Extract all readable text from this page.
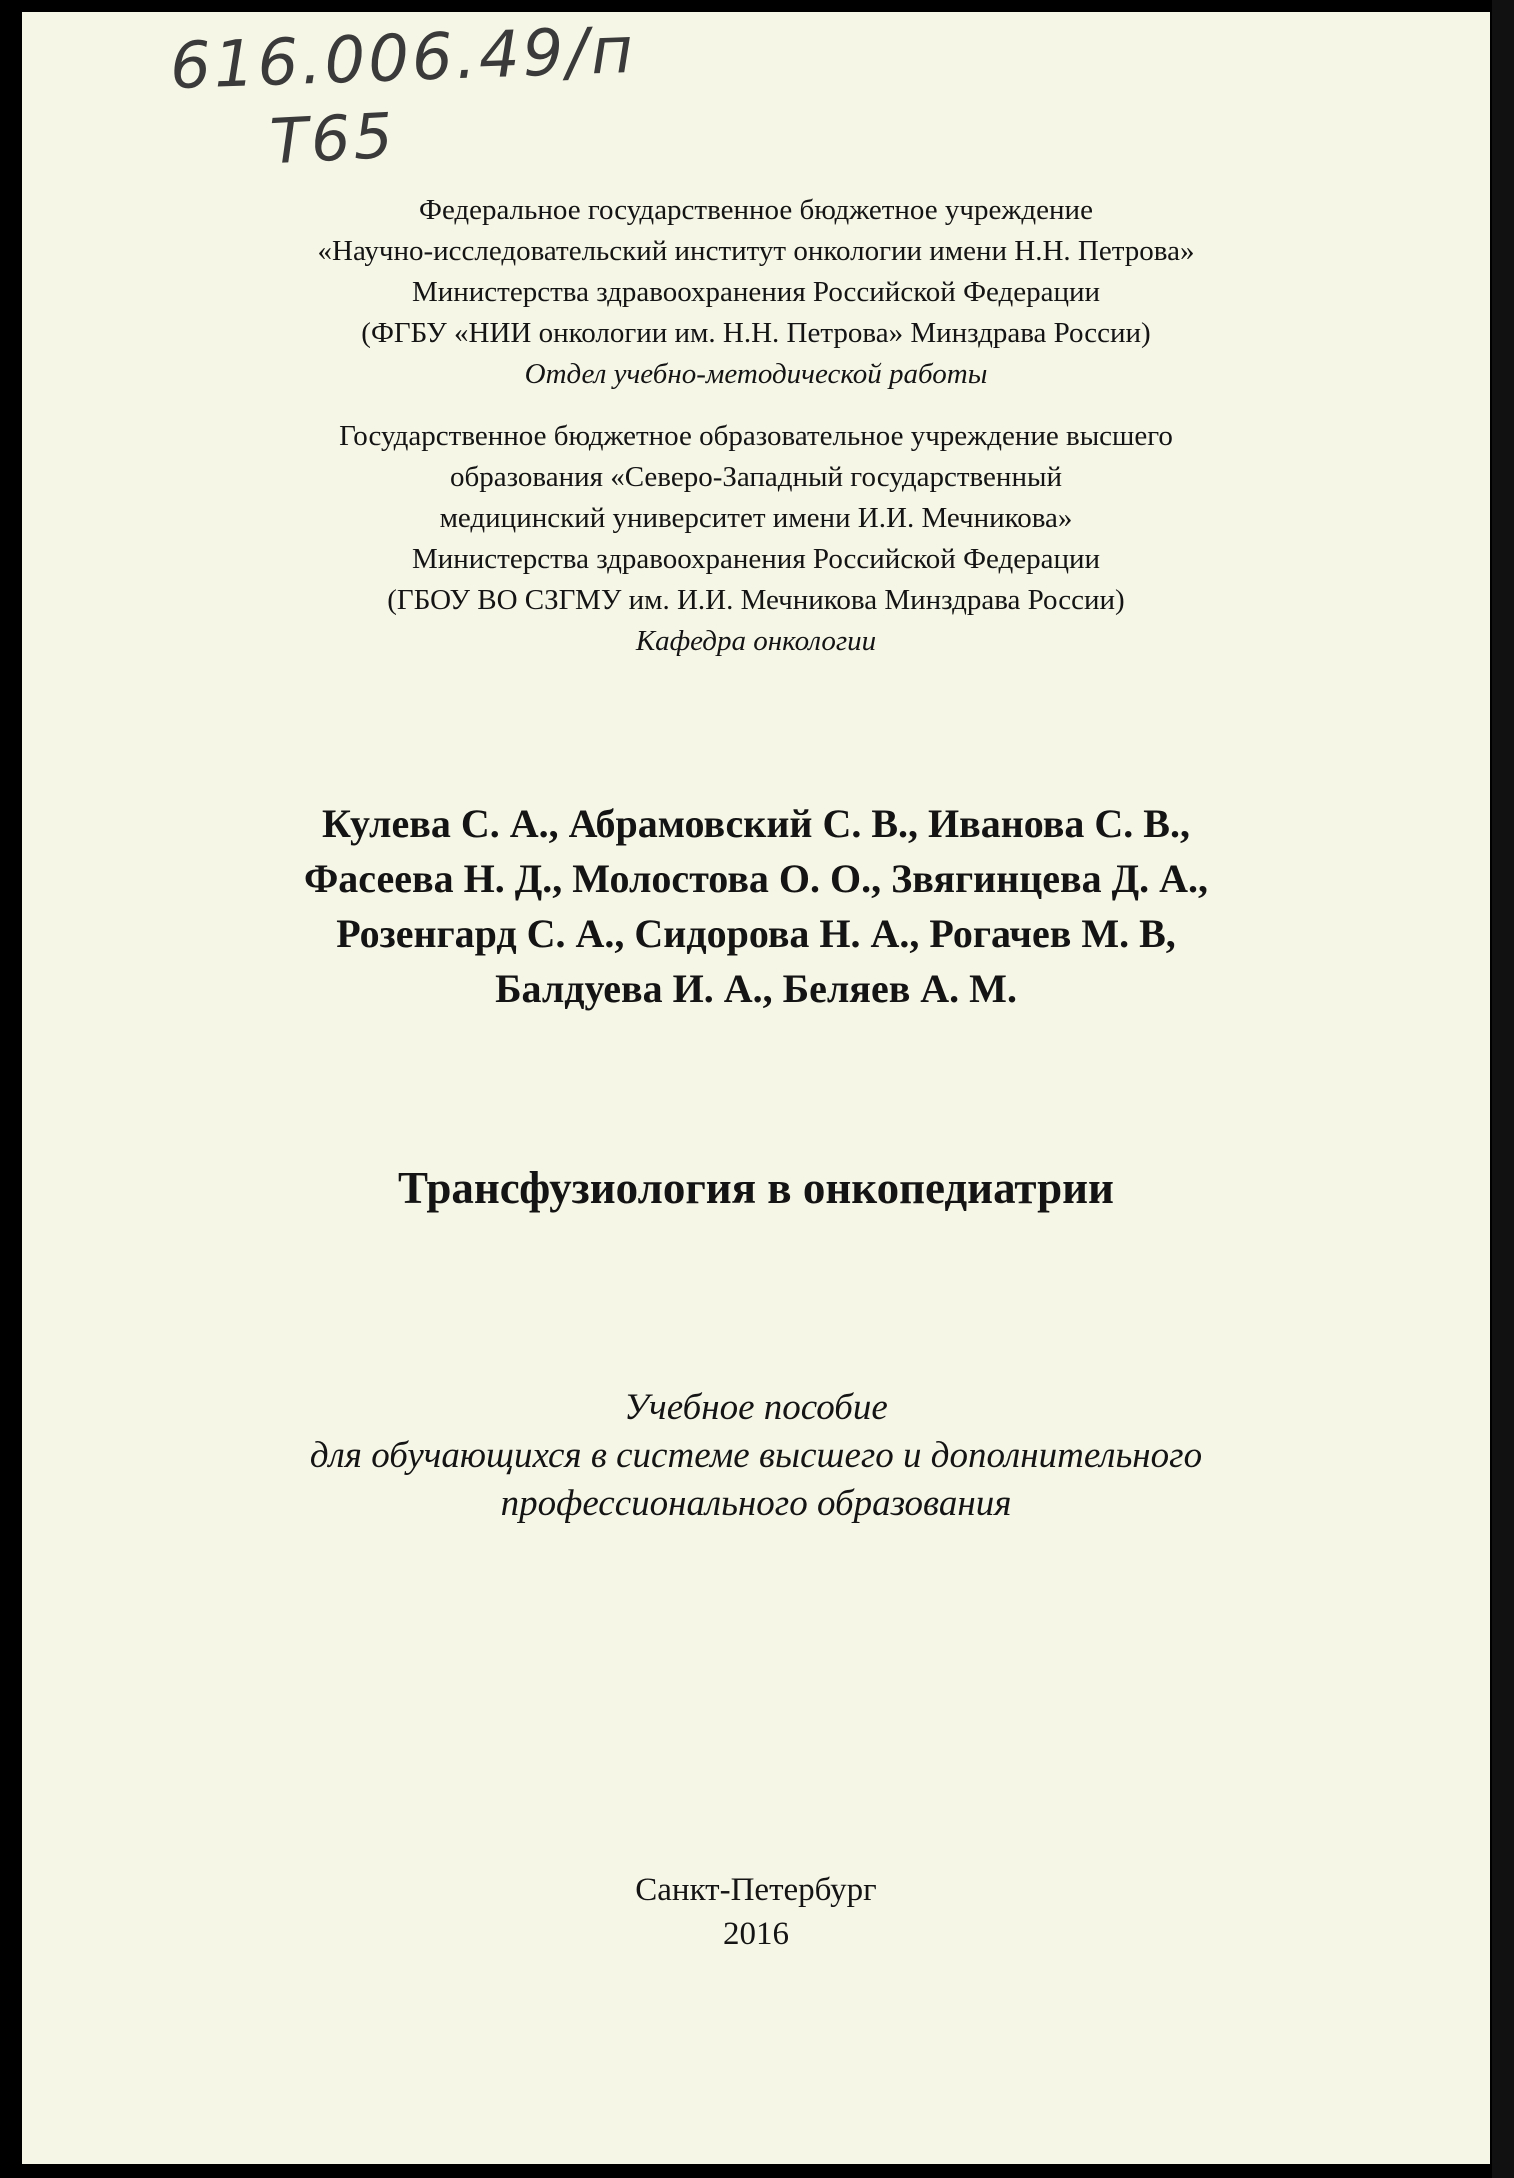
616.006.49/п
Т65
Федеральное государственное бюджетное учреждение
«Научно-исследовательский институт онкологии имени Н.Н. Петрова»
Министерства здравоохранения Российской Федерации
(ФГБУ «НИИ онкологии им. Н.Н. Петрова» Минздрава России)
Отдел учебно-методической работы
Государственное бюджетное образовательное учреждение высшего
образования «Северо-Западный государственный
медицинский университет имени И.И. Мечникова»
Министерства здравоохранения Российской Федерации
(ГБОУ ВО СЗГМУ им. И.И. Мечникова Минздрава России)
Кафедра онкологии
Кулева С. А., Абрамовский С. В., Иванова С. В.,
Фасеева Н. Д., Молостова О. О., Звягинцева Д. А.,
Розенгард С. А., Сидорова Н. А., Рогачев М. В,
Балдуева И. А., Беляев А. М.
Трансфузиология в онкопедиатрии
Учебное пособие
для обучающихся в системе высшего и дополнительного
профессионального образования
Санкт-Петербург
2016
